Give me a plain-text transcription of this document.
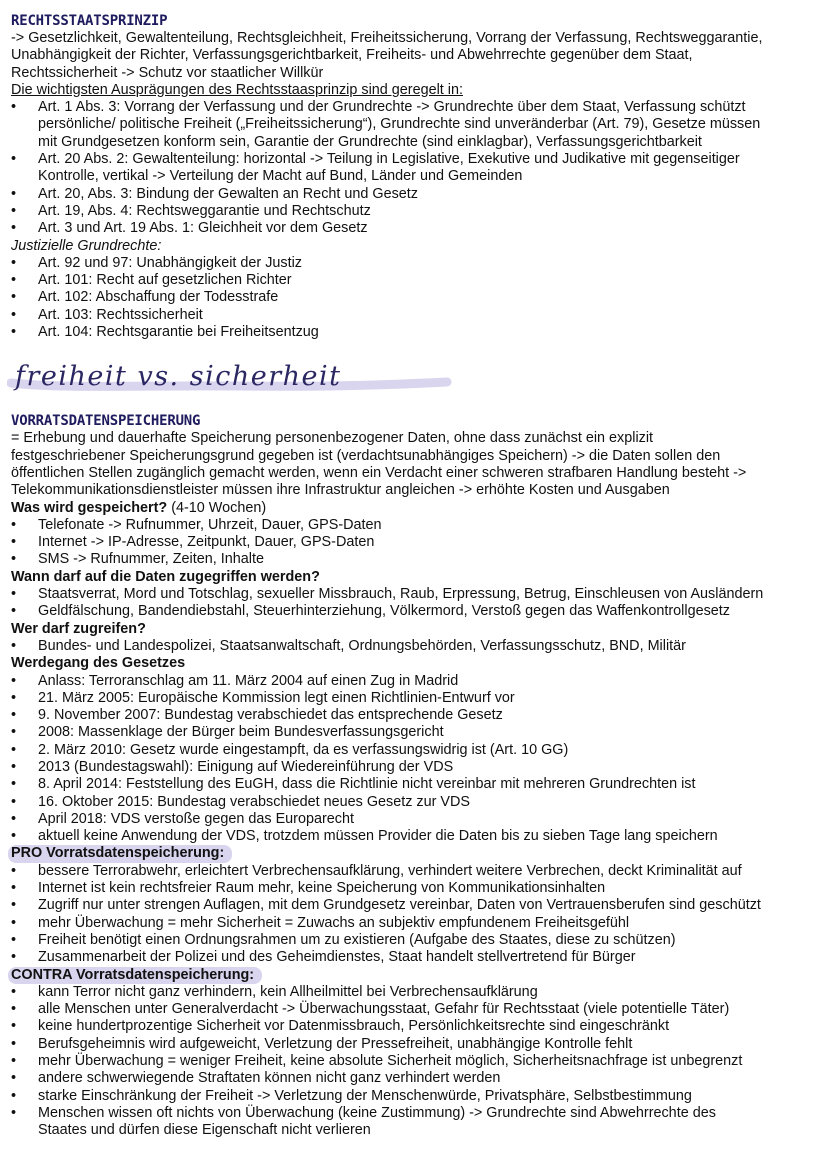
RECHTSSTAATSPRINZIP
-> Gesetzlichkeit, Gewaltenteilung, Rechtsgleichheit, Freiheitssicherung, Vorrang der Verfassung, Rechtsweggarantie,
Unabhängigkeit der Richter, Verfassungsgerichtbarkeit, Freiheits- und Abwehrrechte gegenüber dem Staat,
Rechtssicherheit -> Schutz vor staatlicher Willkür
Die wichtigsten Ausprägungen des Rechtsstaasprinzip sind geregelt in:
• Art. 1 Abs. 3: Vorrang der Verfassung und der Grundrechte -> Grundrechte über dem Staat, Verfassung schützt
persönliche/ politische Freiheit („Freiheitssicherung“), Grundrechte sind unveränderbar (Art. 79), Gesetze müssen
mit Grundgesetzen konform sein, Garantie der Grundrechte (sind einklagbar), Verfassungsgerichtbarkeit
• Art. 20 Abs. 2: Gewaltenteilung: horizontal -> Teilung in Legislative, Exekutive und Judikative mit gegenseitiger
Kontrolle, vertikal -> Verteilung der Macht auf Bund, Länder und Gemeinden
• Art. 20, Abs. 3: Bindung der Gewalten an Recht und Gesetz
• Art. 19, Abs. 4: Rechtsweggarantie und Rechtschutz
• Art. 3 und Art. 19 Abs. 1: Gleichheit vor dem Gesetz
Justizielle Grundrechte:
• Art. 92 und 97: Unabhängigkeit der Justiz
• Art. 101: Recht auf gesetzlichen Richter
• Art. 102: Abschaffung der Todesstrafe
• Art. 103: Rechtssicherheit
• Art. 104: Rechtsgarantie bei Freiheitsentzug
freiheit vs. sicherheit
VORRATSDATENSPEICHERUNG
= Erhebung und dauerhafte Speicherung personenbezogener Daten, ohne dass zunächst ein explizit
festgeschriebener Speicherungsgrund gegeben ist (verdachtsunabhängiges Speichern) -> die Daten sollen den
öffentlichen Stellen zugänglich gemacht werden, wenn ein Verdacht einer schweren strafbaren Handlung besteht ->
Telekommunikationsdienstleister müssen ihre Infrastruktur angleichen -> erhöhte Kosten und Ausgaben
Was wird gespeichert? (4-10 Wochen)
• Telefonate -> Rufnummer, Uhrzeit, Dauer, GPS-Daten
• Internet -> IP-Adresse, Zeitpunkt, Dauer, GPS-Daten
• SMS -> Rufnummer, Zeiten, Inhalte
Wann darf auf die Daten zugegriffen werden?
• Staatsverrat, Mord und Totschlag, sexueller Missbrauch, Raub, Erpressung, Betrug, Einschleusen von Ausländern
• Geldfälschung, Bandendiebstahl, Steuerhinterziehung, Völkermord, Verstoß gegen das Waffenkontrollgesetz
Wer darf zugreifen?
• Bundes- und Landespolizei, Staatsanwaltschaft, Ordnungsbehörden, Verfassungsschutz, BND, Militär
Werdegang des Gesetzes
• Anlass: Terroranschlag am 11. März 2004 auf einen Zug in Madrid
• 21. März 2005: Europäische Kommission legt einen Richtlinien-Entwurf vor
• 9. November 2007: Bundestag verabschiedet das entsprechende Gesetz
• 2008: Massenklage der Bürger beim Bundesverfassungsgericht
• 2. März 2010: Gesetz wurde eingestampft, da es verfassungswidrig ist (Art. 10 GG)
• 2013 (Bundestagswahl): Einigung auf Wiedereinführung der VDS
• 8. April 2014: Feststellung des EuGH, dass die Richtlinie nicht vereinbar mit mehreren Grundrechten ist
• 16. Oktober 2015: Bundestag verabschiedet neues Gesetz zur VDS
• April 2018: VDS verstoße gegen das Europarecht
• aktuell keine Anwendung der VDS, trotzdem müssen Provider die Daten bis zu sieben Tage lang speichern
PRO Vorratsdatenspeicherung:
• bessere Terrorabwehr, erleichtert Verbrechensaufklärung, verhindert weitere Verbrechen, deckt Kriminalität auf
• Internet ist kein rechtsfreier Raum mehr, keine Speicherung von Kommunikationsinhalten
• Zugriff nur unter strengen Auflagen, mit dem Grundgesetz vereinbar, Daten von Vertrauensberufen sind geschützt
• mehr Überwachung = mehr Sicherheit = Zuwachs an subjektiv empfundenem Freiheitsgefühl
• Freiheit benötigt einen Ordnungsrahmen um zu existieren (Aufgabe des Staates, diese zu schützen)
• Zusammenarbeit der Polizei und des Geheimdienstes, Staat handelt stellvertretend für Bürger
CONTRA Vorratsdatenspeicherung:
• kann Terror nicht ganz verhindern, kein Allheilmittel bei Verbrechensaufklärung
• alle Menschen unter Generalverdacht -> Überwachungsstaat, Gefahr für Rechtsstaat (viele potentielle Täter)
• keine hundertprozentige Sicherheit vor Datenmissbrauch, Persönlichkeitsrechte sind eingeschränkt
• Berufsgeheimnis wird aufgeweicht, Verletzung der Pressefreiheit, unabhängige Kontrolle fehlt
• mehr Überwachung = weniger Freiheit, keine absolute Sicherheit möglich, Sicherheitsnachfrage ist unbegrenzt
• andere schwerwiegende Straftaten können nicht ganz verhindert werden
• starke Einschränkung der Freiheit -> Verletzung der Menschenwürde, Privatsphäre, Selbstbestimmung
• Menschen wissen oft nichts von Überwachung (keine Zustimmung) -> Grundrechte sind Abwehrrechte des
Staates und dürfen diese Eigenschaft nicht verlieren
